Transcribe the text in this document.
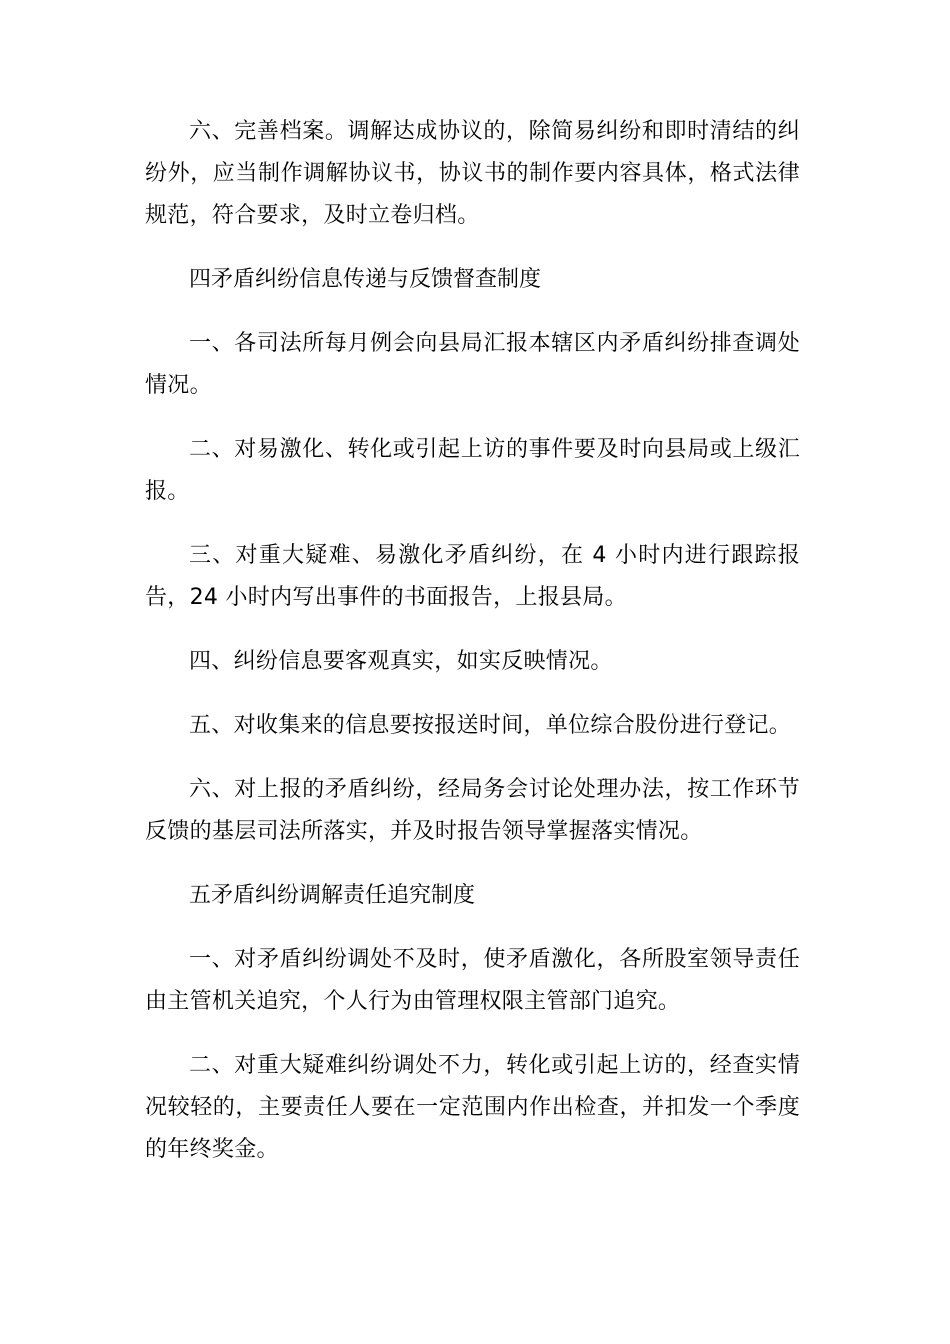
六、完善档案。调解达成协议的，除简易纠纷和即时清结的纠纷外，应当制作调解协议书，协议书的制作要内容具体，格式法律规范，符合要求，及时立卷归档。

四矛盾纠纷信息传递与反馈督查制度

一、各司法所每月例会向县局汇报本辖区内矛盾纠纷排查调处情况。

二、对易激化、转化或引起上访的事件要及时向县局或上级汇报。

三、对重大疑难、易激化矛盾纠纷，在 4 小时内进行跟踪报告，24 小时内写出事件的书面报告，上报县局。

四、纠纷信息要客观真实，如实反映情况。

五、对收集来的信息要按报送时间，单位综合股份进行登记。

六、对上报的矛盾纠纷，经局务会讨论处理办法，按工作环节反馈的基层司法所落实，并及时报告领导掌握落实情况。

五矛盾纠纷调解责任追究制度

一、对矛盾纠纷调处不及时，使矛盾激化，各所股室领导责任由主管机关追究，个人行为由管理权限主管部门追究。

二、对重大疑难纠纷调处不力，转化或引起上访的，经查实情况较轻的，主要责任人要在一定范围内作出检查，并扣发一个季度的年终奖金。
